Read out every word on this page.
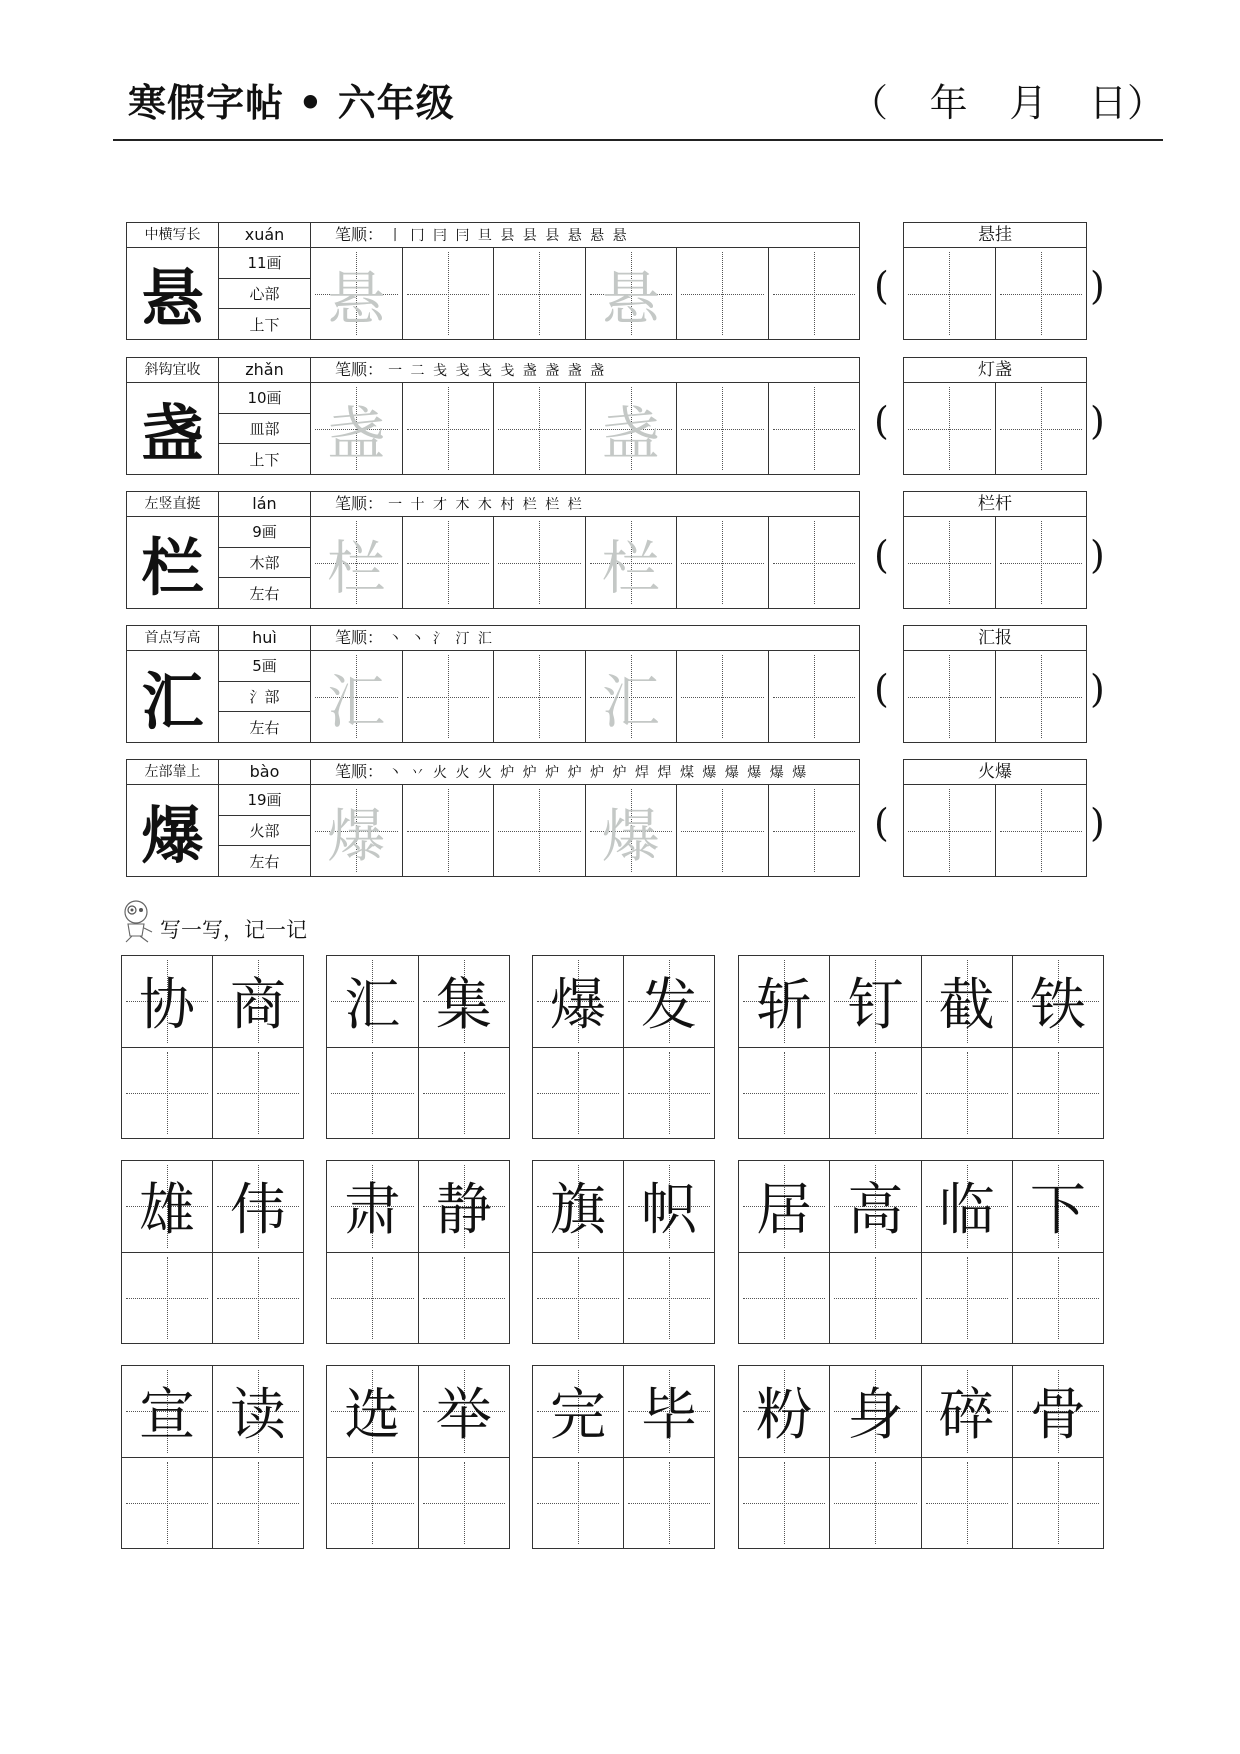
寒假字帖 • 六年级	（ 年 月 日）
中横写长	xuán	笔顺： 丨 冂 冃 冃 旦 县 县 县 悬 悬 悬
悬	11画
心部
上下 悬	悬
悬挂
(	)
斜钩宜收	zhǎn	笔顺： 一 二 戋 戋 戋 戋 盏 盏 盏 盏
盏	10画
皿部
上下 盏	盏
灯盏
(	)
左竖直挺	lán	笔顺： 一 十 才 木 木 村 栏 栏 栏
栏	9画
木部
左右 栏	栏
栏杆
(	)
首点写高	huì	笔顺： 丶 丶 氵 汀 汇
汇	5画
氵部
左右 汇	汇
汇报
(	)
左部靠上	bào	笔顺： 丶 丷 火 火 火 炉 炉 炉 炉 炉 炉 焊 焊 煤 爆 爆 爆 爆 爆
爆	19画
火部
左右 爆	爆
火爆
(	)
写一写，记一记
协 商	汇 集	爆 发	斩 钉 截 铁
雄 伟	肃 静	旗 帜	居 高 临 下
宣 读	选 举	完 毕	粉 身 碎 骨
